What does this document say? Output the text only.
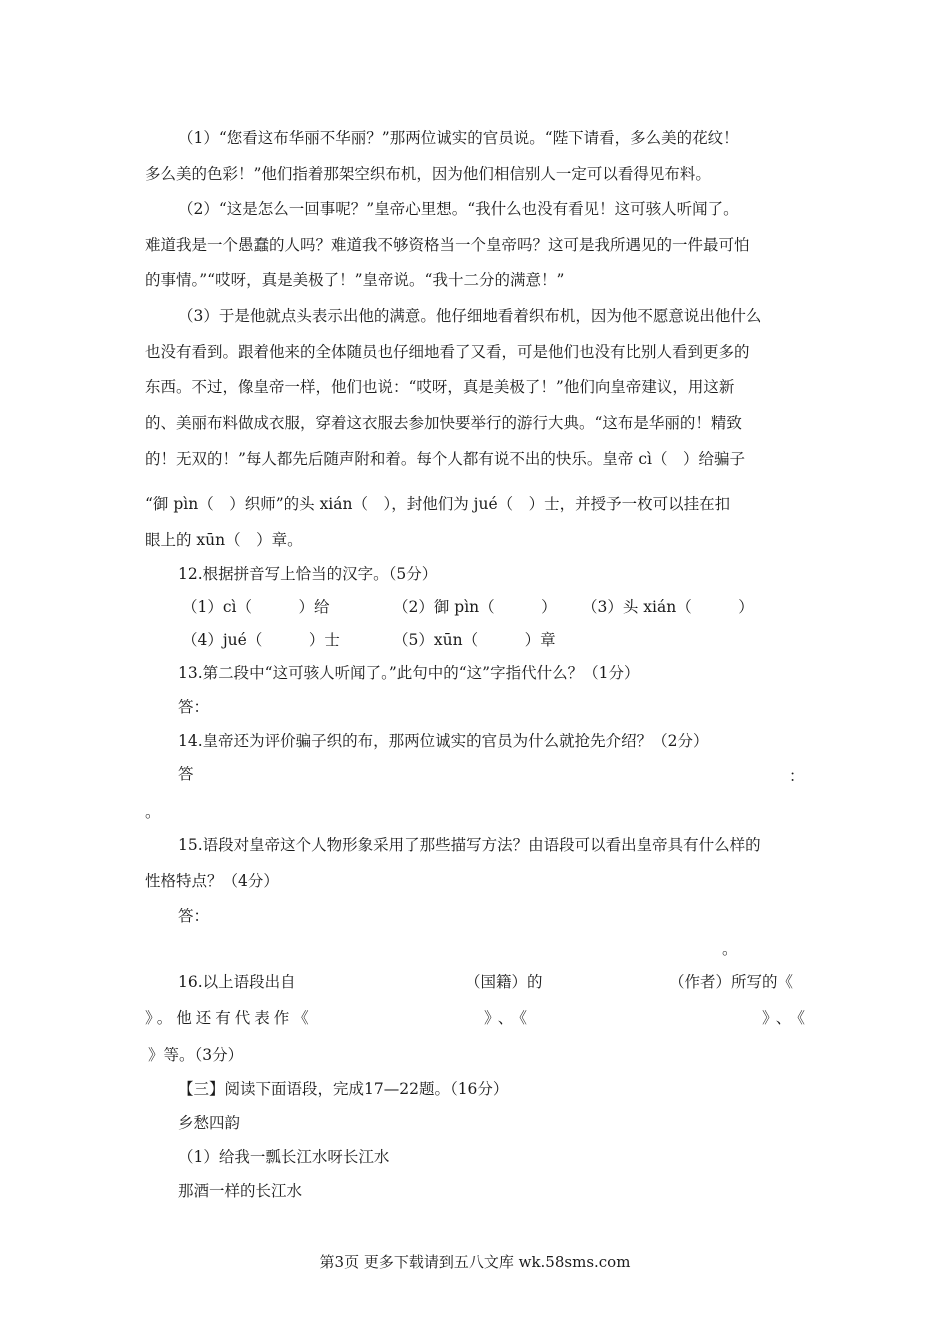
（1）“您看这布华丽不华丽？”那两位诚实的官员说。“陛下请看，多么美的花纹！
多么美的色彩！”他们指着那架空织布机，因为他们相信别人一定可以看得见布料。
（2）“这是怎么一回事呢？”皇帝心里想。“我什么也没有看见！这可骇人听闻了。
难道我是一个愚蠢的人吗？难道我不够资格当一个皇帝吗？这可是我所遇见的一件最可怕
的事情。”“哎呀，真是美极了！”皇帝说。“我十二分的满意！”
（3）于是他就点头表示出他的满意。他仔细地看着织布机，因为他不愿意说出他什么
也没有看到。跟着他来的全体随员也仔细地看了又看，可是他们也没有比别人看到更多的
东西。不过，像皇帝一样，他们也说：“哎呀，真是美极了！”他们向皇帝建议，用这新
的、美丽布料做成衣服，穿着这衣服去参加快要举行的游行大典。“这布是华丽的！精致
的！无双的！”每人都先后随声附和着。每个人都有说不出的快乐。皇帝 cì（　）给骗子
“御 pìn（　）织师”的头 xián（　），封他们为 jué（　）士，并授予一枚可以挂在扣
眼上的 xūn（　）章。
12.根据拼音写上恰当的汉字。（5分）
（1）cì（　　　）给	（2）御 pìn（　　　） （3）头 xián（　　　）
（4）jué（　　　）士	（5）xūn（　　　）章
13.第二段中“这可骇人听闻了。”此句中的“这”字指代什么？（1分）
答：
14.皇帝还为评价骗子织的布，那两位诚实的官员为什么就抢先介绍？（2分）
答	：
。
15.语段对皇帝这个人物形象采用了那些描写方法？由语段可以看出皇帝具有什么样的
性格特点？（4分）
答：
。
16.以上语段出自	（国籍）的	（作者）所写的《
》。他还有代表作《	》、《	》、《
》等。（3分）
【三】阅读下面语段，完成17—22题。（16分）
乡愁四韵
（1）给我一瓢长江水呀长江水
那酒一样的长江水
第3页 更多下载请到五八文库 wk.58sms.com
